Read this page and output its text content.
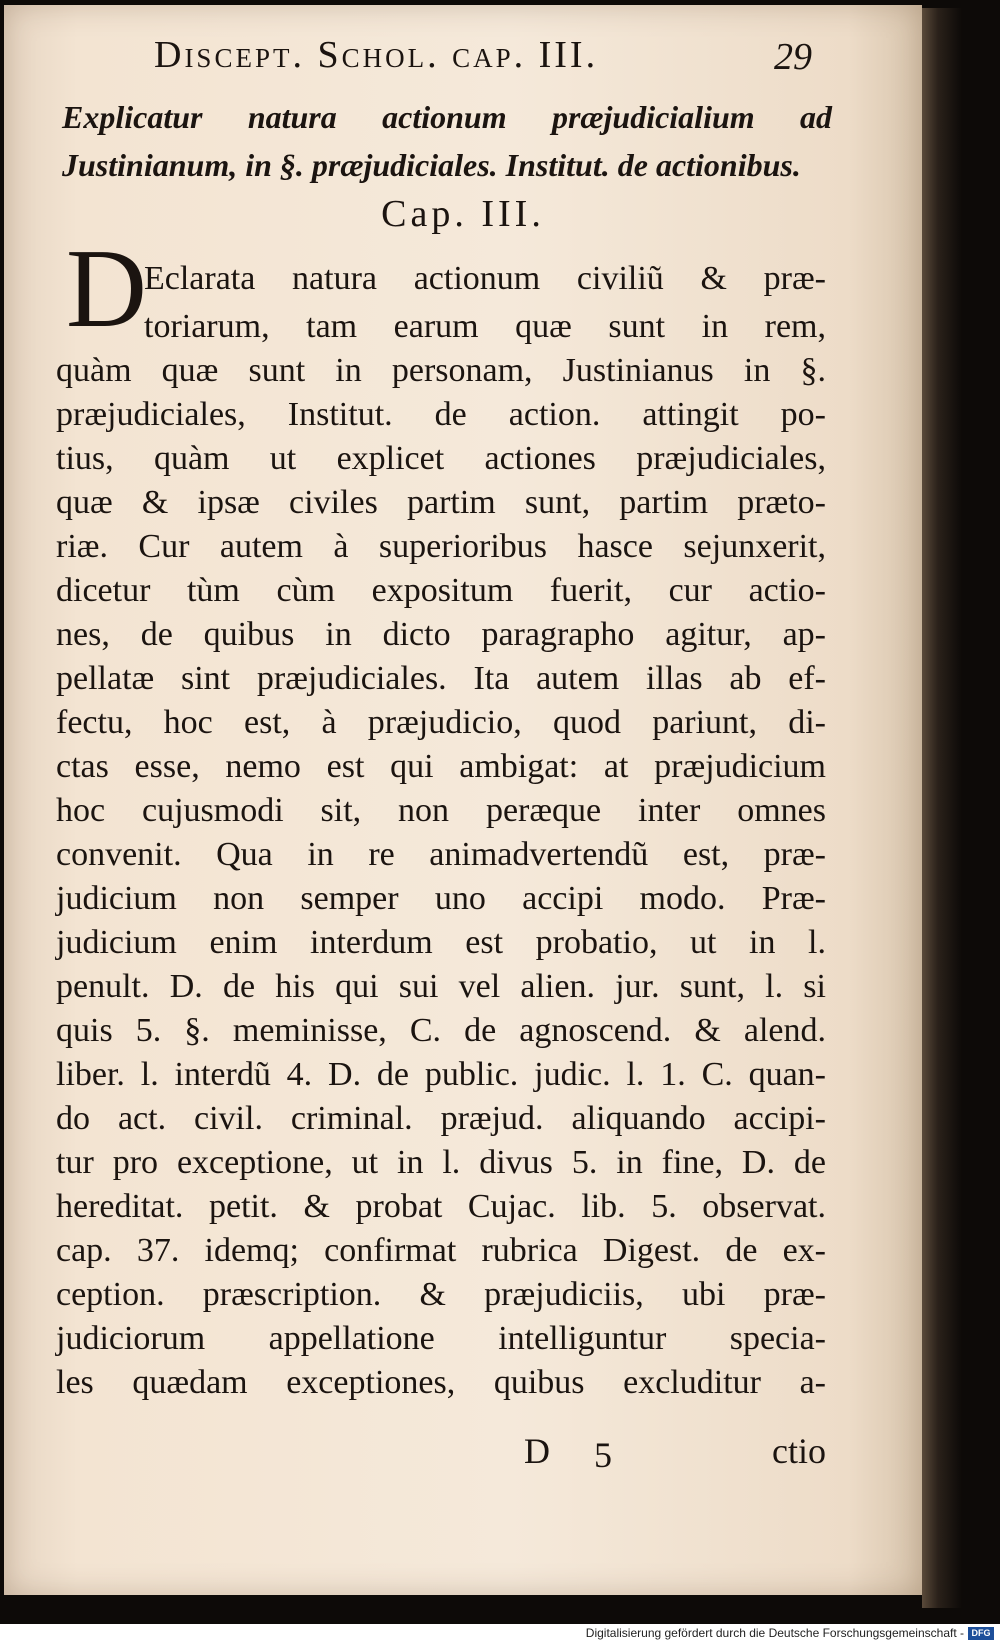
Discept. Schol. cap. III.	29
Explicatur natura actionum præjudicialium ad Justinianum, in §. præjudiciales. Institut. de actionibus.
Cap. III.
D
Eclarata natura actionum civiliũ & præ-
toriarum, tam earum quæ sunt in rem,
quàm quæ sunt in personam, Justinianus in §.
præjudiciales, Institut. de action. attingit po-
tius, quàm ut explicet actiones præjudiciales,
quæ & ipsæ civiles partim sunt, partim præto-
riæ. Cur autem à superioribus hasce sejunxerit,
dicetur tùm cùm expositum fuerit, cur actio-
nes, de quibus in dicto paragrapho agitur, ap-
pellatæ sint præjudiciales. Ita autem illas ab ef-
fectu, hoc est, à præjudicio, quod pariunt, di-
ctas esse, nemo est qui ambigat: at præjudicium
hoc cujusmodi sit, non peræque inter omnes
convenit. Qua in re animadvertendũ est, præ-
judicium non semper uno accipi modo. Præ-
judicium enim interdum est probatio, ut in l.
penult. D. de his qui sui vel alien. jur. sunt, l. si
quis 5. §. meminisse, C. de agnoscend. & alend.
liber. l. interdũ 4. D. de public. judic. l. 1. C. quan-
do act. civil. criminal. præjud. aliquando accipi-
tur pro exceptione, ut in l. divus 5. in fine, D. de
hereditat. petit. & probat Cujac. lib. 5. observat.
cap. 37. idemq; confirmat rubrica Digest. de ex-
ception. præscription. & præjudiciis, ubi præ-
judiciorum appellatione intelliguntur specia-
les quædam exceptiones, quibus excluditur a-
D 5	ctio
Digitalisierung gefördert durch die Deutsche Forschungsgemeinschaft - DFG
